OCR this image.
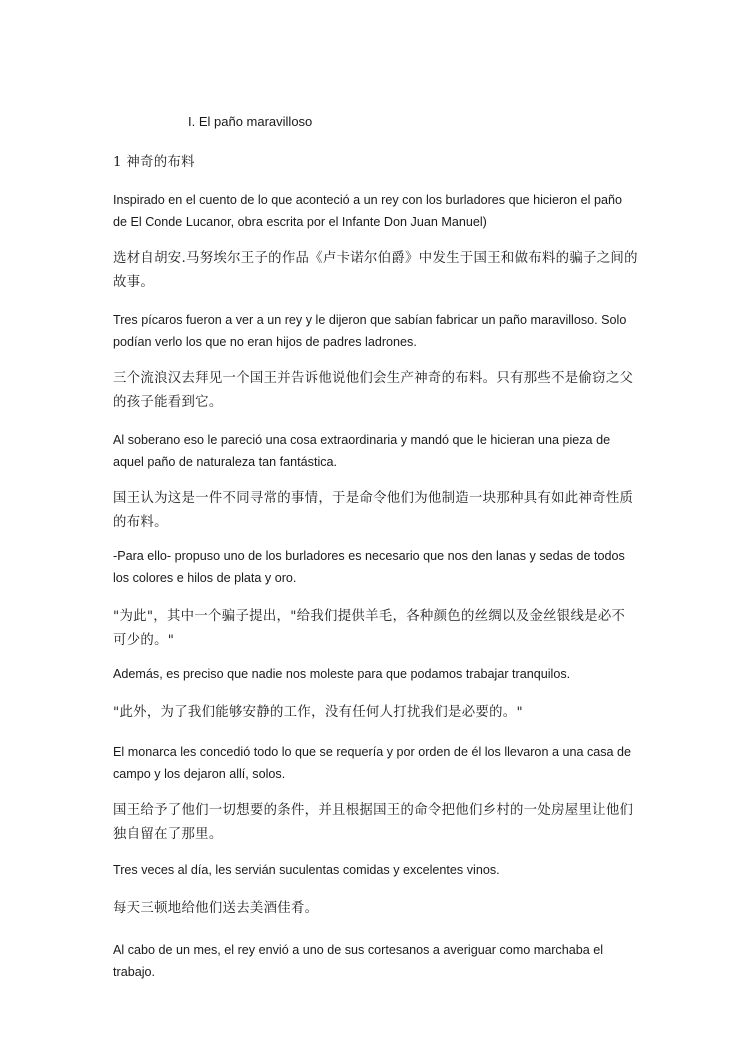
I. El paño maravilloso

1 神奇的布料

Inspirado en el cuento de lo que aconteció a un rey con los burladores que hicieron el paño de El Conde Lucanor, obra escrita por el Infante Don Juan Manuel)

选材自胡安.马努埃尔王子的作品《卢卡诺尔伯爵》中发生于国王和做布料的骗子之间的故事。

Tres pícaros fueron a ver a un rey y le dijeron que sabían fabricar un paño maravilloso. Solo podían verlo los que no eran hijos de padres ladrones.

三个流浪汉去拜见一个国王并告诉他说他们会生产神奇的布料。只有那些不是偷窃之父的孩子能看到它。

Al soberano eso le pareció una cosa extraordinaria y mandó que le hicieran una pieza de aquel paño de naturaleza tan fantástica.

国王认为这是一件不同寻常的事情，于是命令他们为他制造一块那种具有如此神奇性质的布料。

-Para ello- propuso uno de los burladores es necesario que nos den lanas y sedas de todos los colores e hilos de plata y oro.

"为此"，其中一个骗子提出，"给我们提供羊毛，各种颜色的丝绸以及金丝银线是必不可少的。"

Además, es preciso que nadie nos moleste para que podamos trabajar tranquilos.

"此外，为了我们能够安静的工作，没有任何人打扰我们是必要的。"

El monarca les concedió todo lo que se requería y por orden de él los llevaron a una casa de campo y los dejaron allí, solos.

国王给予了他们一切想要的条件，并且根据国王的命令把他们乡村的一处房屋里让他们独自留在了那里。

Tres veces al día, les servián suculentas comidas y excelentes vinos.

每天三顿地给他们送去美酒佳肴。

Al cabo de un mes, el rey envió a uno de sus cortesanos a averiguar como marchaba el trabajo.
